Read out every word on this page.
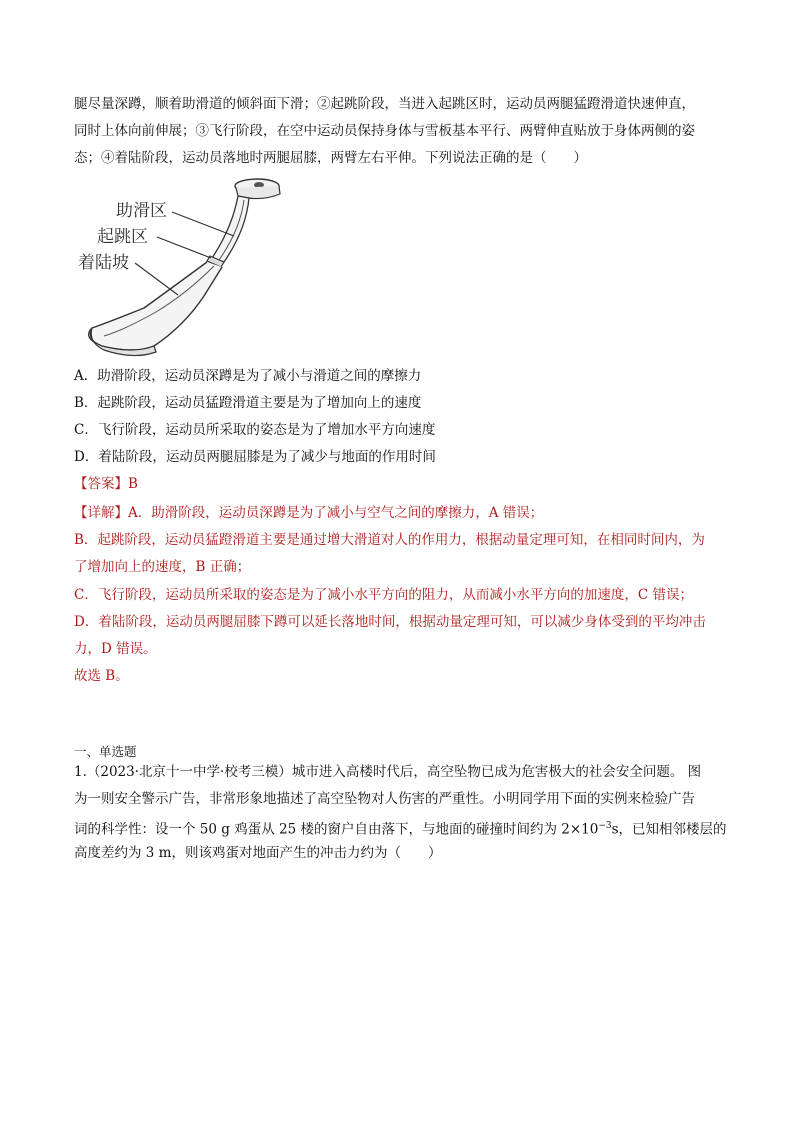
腿尽量深蹲，顺着助滑道的倾斜面下滑；②起跳阶段，当进入起跳区时，运动员两腿猛蹬滑道快速伸直，
同时上体向前伸展；③飞行阶段，在空中运动员保持身体与雪板基本平行、两臂伸直贴放于身体两侧的姿
态；④着陆阶段，运动员落地时两腿屈膝，两臂左右平伸。下列说法正确的是（　　）
助滑区
起跳区
着陆坡
A．助滑阶段，运动员深蹲是为了减小与滑道之间的摩擦力
B．起跳阶段，运动员猛蹬滑道主要是为了增加向上的速度
C．飞行阶段，运动员所采取的姿态是为了增加水平方向速度
D．着陆阶段，运动员两腿屈膝是为了减少与地面的作用时间
【答案】B
【详解】A．助滑阶段，运动员深蹲是为了减小与空气之间的摩擦力，A 错误；
B．起跳阶段，运动员猛蹬滑道主要是通过增大滑道对人的作用力，根据动量定理可知，在相同时间内，为
了增加向上的速度，B 正确；
C．飞行阶段，运动员所采取的姿态是为了减小水平方向的阻力，从而减小水平方向的加速度，C 错误；
D．着陆阶段，运动员两腿屈膝下蹲可以延长落地时间，根据动量定理可知，可以减少身体受到的平均冲击
力，D 错误。
故选 B。
一、单选题
1.（2023·北京十一中学·校考三模）城市进入高楼时代后，高空坠物已成为危害极大的社会安全问题。 图
为一则安全警示广告，非常形象地描述了高空坠物对人伤害的严重性。小明同学用下面的实例来检验广告
词的科学性：设一个 50 g 鸡蛋从 25 楼的窗户自由落下，与地面的碰撞时间约为 $2\times 10^{-3}s$，已知相邻楼层的
高度差约为 3 m，则该鸡蛋对地面产生的冲击力约为（　　）
